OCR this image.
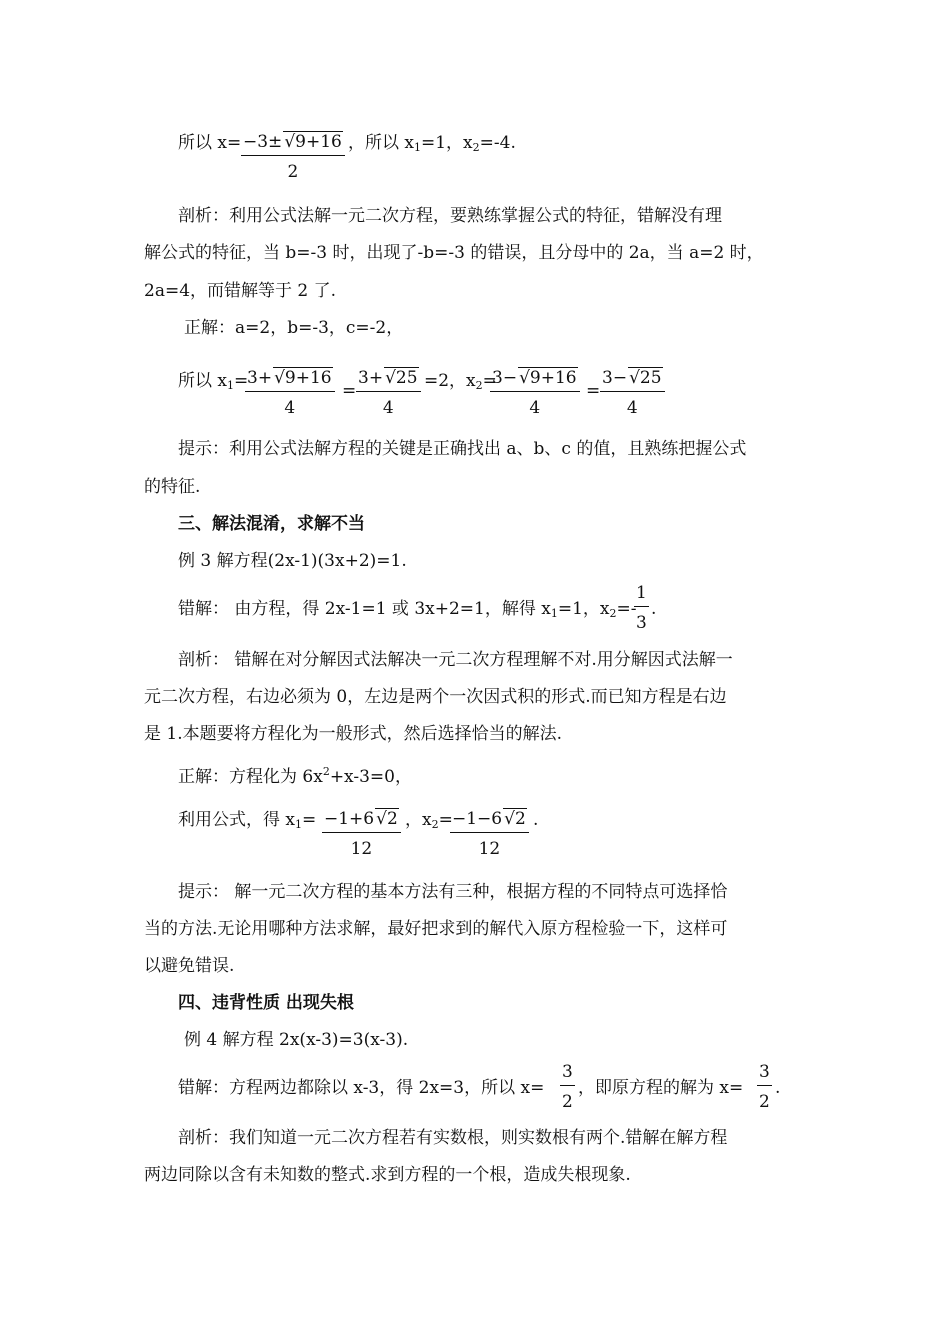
所以 $x= \frac{-3\pm √9+16}{2}$ ，所以 $x_1=1$，$x_2=-4$.
剖析：利用公式法解一元二次方程，要熟练掌握公式的特征，错解没有理
解公式的特征，当 b=-3 时，出现了-b=-3 的错误，且分母中的 2a，当 a=2 时，
2a=4，而错解等于 2 了.
正解：a=2，b=-3，c=-2，
所以 $x_1=$
$\frac{3+ √9+16}{4} = \frac{3+ √25}{4} =2$，$x_2=$
$\frac{3- √9+16}{4} = \frac{3- √25}{4}$
提示：利用公式法解方程的关键是正确找出 a、b、c 的值，且熟练把握公式
的特征.
三、解法混淆，求解不当
例 3 解方程(2x-1)(3x+2)=1.
错解： 由方程，得 2x-1=1 或 3x+2=1，解得 $x_1=1$，$x_2=-$
$\frac{1}{3}$ .
剖析： 错解在对分解因式法解决一元二次方程理解不对.用分解因式法解一
元二次方程，右边必须为 0，左边是两个一次因式积的形式.而已知方程是右边
是 1.本题要将方程化为一般形式，然后选择恰当的解法.
正解：方程化为 $6x^2+x-3=0$，
利用公式，得 $x_1= \frac{-1+6 √2}{12}$ ，$x_2=$
$\frac{-1-6 √2}{12}$ .
提示： 解一元二次方程的基本方法有三种，根据方程的不同特点可选择恰
当的方法.无论用哪种方法求解，最好把求到的解代入原方程检验一下，这样可
以避免错误.
四、违背性质 出现失根
例 4 解方程 2x(x-3)=3(x-3).
错解：方程两边都除以 x-3，得 2x=3，所以 $x= \frac{3}{2}$ ，即原方程的解为 $x= \frac{3}{2}$ .
剖析：我们知道一元二次方程若有实数根，则实数根有两个.错解在解方程
两边同除以含有未知数的整式.求到方程的一个根，造成失根现象.
